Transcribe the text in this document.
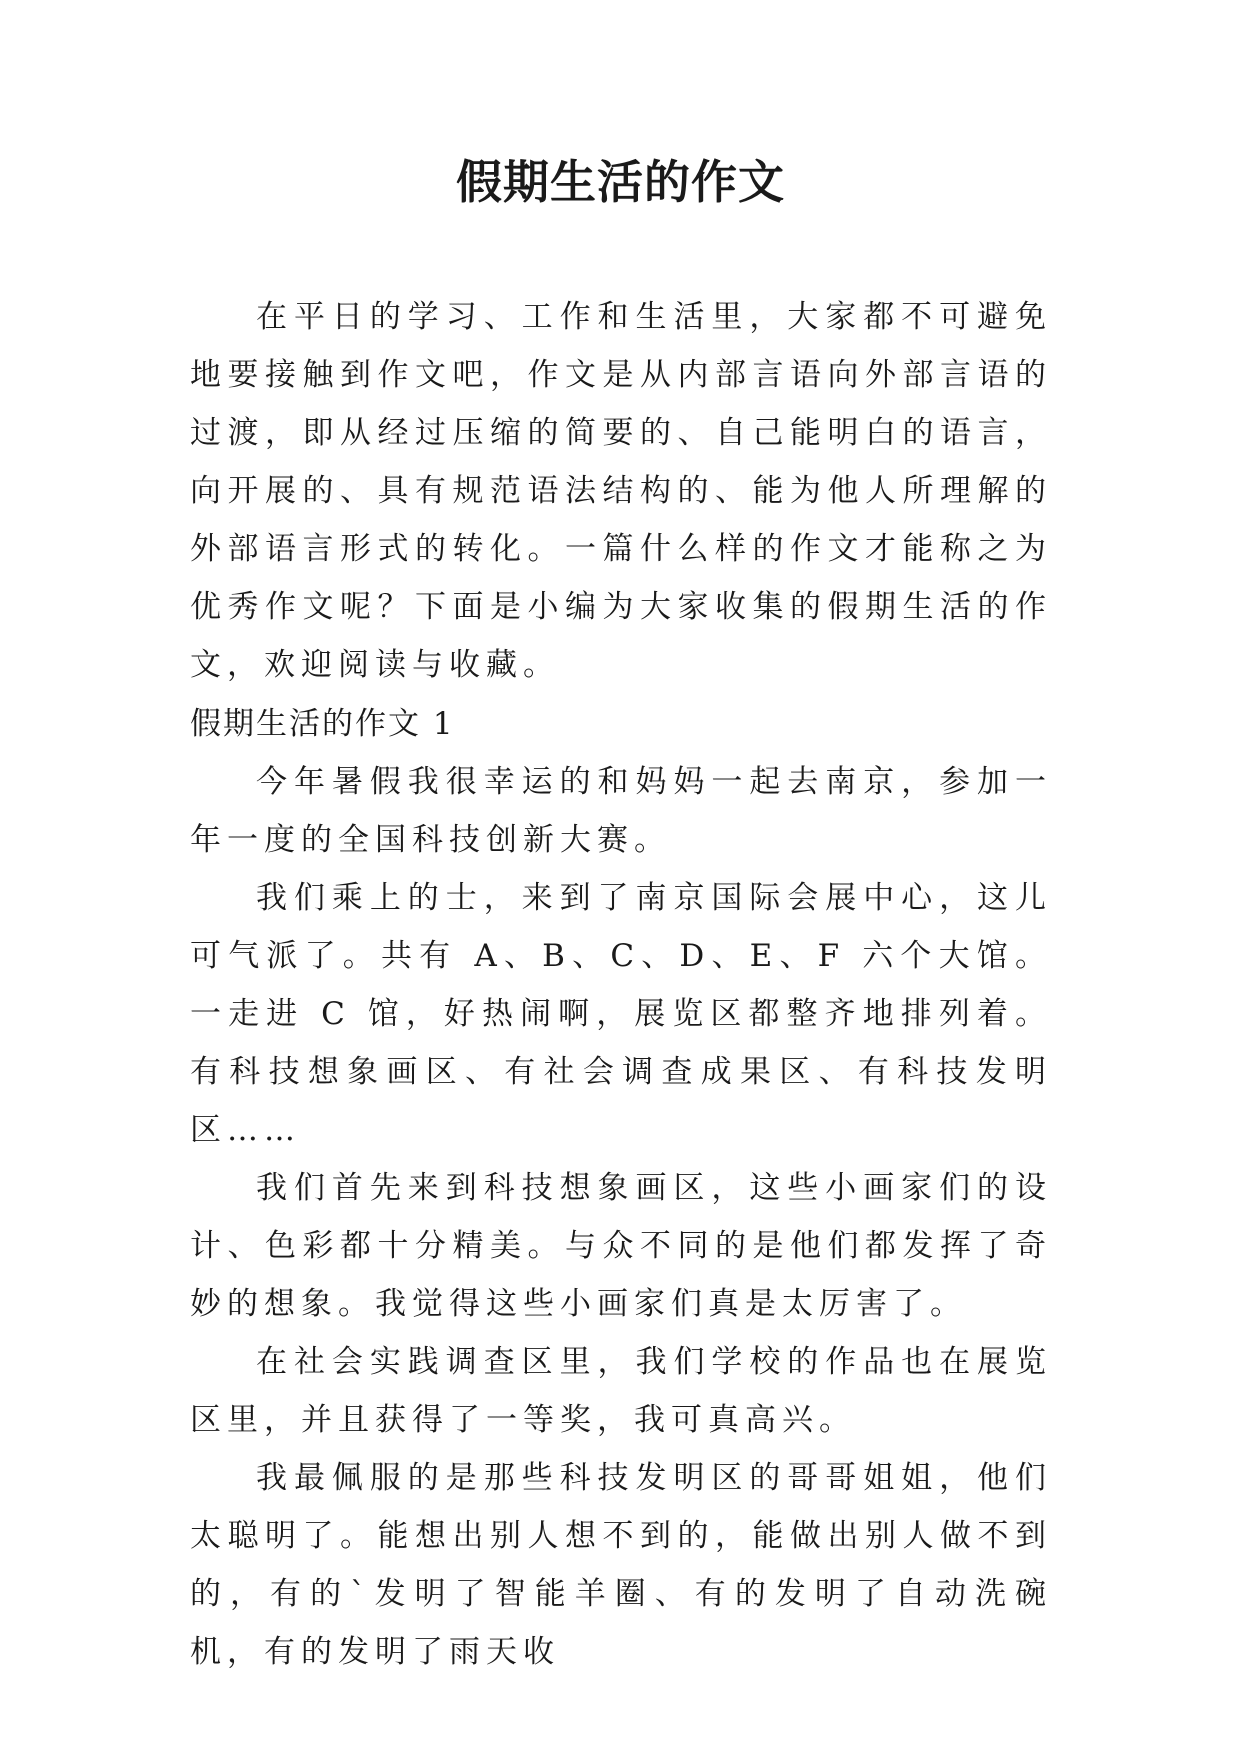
假期生活的作文

在平日的学习、工作和生活里，大家都不可避免地要接触到作文吧，作文是从内部言语向外部言语的过渡，即从经过压缩的简要的、自己能明白的语言，向开展的、具有规范语法结构的、能为他人所理解的外部语言形式的转化。一篇什么样的作文才能称之为优秀作文呢？下面是小编为大家收集的假期生活的作文，欢迎阅读与收藏。

假期生活的作文 1

今年暑假我很幸运的和妈妈一起去南京，参加一年一度的全国科技创新大赛。

我们乘上的士，来到了南京国际会展中心，这儿可气派了。共有 A、B、C、D、E、F 六个大馆。一走进 C 馆，好热闹啊，展览区都整齐地排列着。有科技想象画区、有社会调查成果区、有科技发明区……

我们首先来到科技想象画区，这些小画家们的设计、色彩都十分精美。与众不同的是他们都发挥了奇妙的想象。我觉得这些小画家们真是太厉害了。

在社会实践调查区里，我们学校的作品也在展览区里，并且获得了一等奖，我可真高兴。

我最佩服的是那些科技发明区的哥哥姐姐，他们太聪明了。能想出别人想不到的，能做出别人做不到的，有的`发明了智能羊圈、有的发明了自动洗碗机，有的发明了雨天收
